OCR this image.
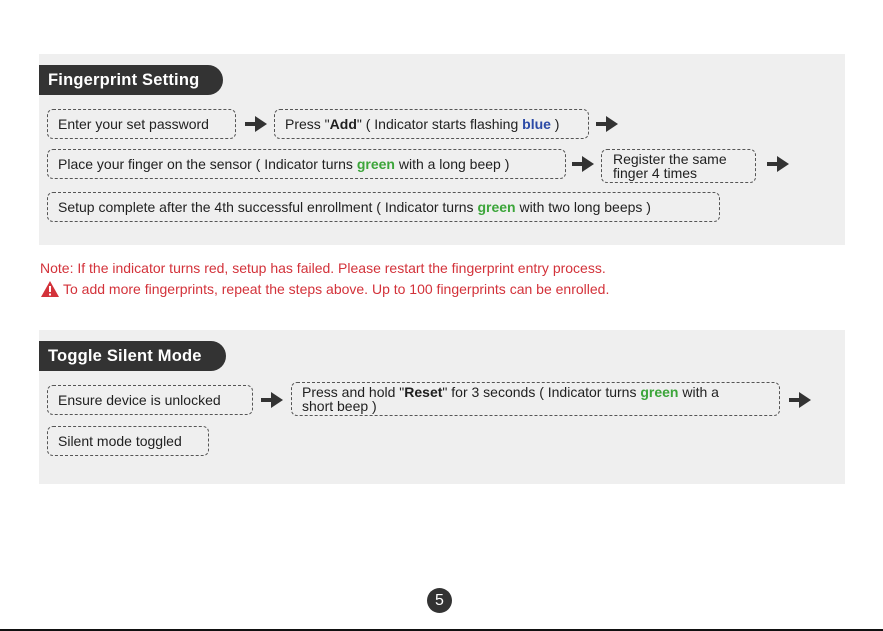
Fingerprint Setting
Enter your set password	Press "Add" ( Indicator starts flashing blue )
Place your finger on the sensor ( Indicator turns green with a long beep )	Register the same
finger 4 times
Setup complete after the 4th successful enrollment ( Indicator turns green with two long beeps )
Note: If the indicator turns red, setup has failed. Please restart the fingerprint entry process.
To add more fingerprints, repeat the steps above. Up to 100 fingerprints can be enrolled.
Toggle Silent Mode
Ensure device is unlocked	Press and hold "Reset" for 3 seconds ( Indicator turns green with a
short beep )
Silent mode toggled
5
